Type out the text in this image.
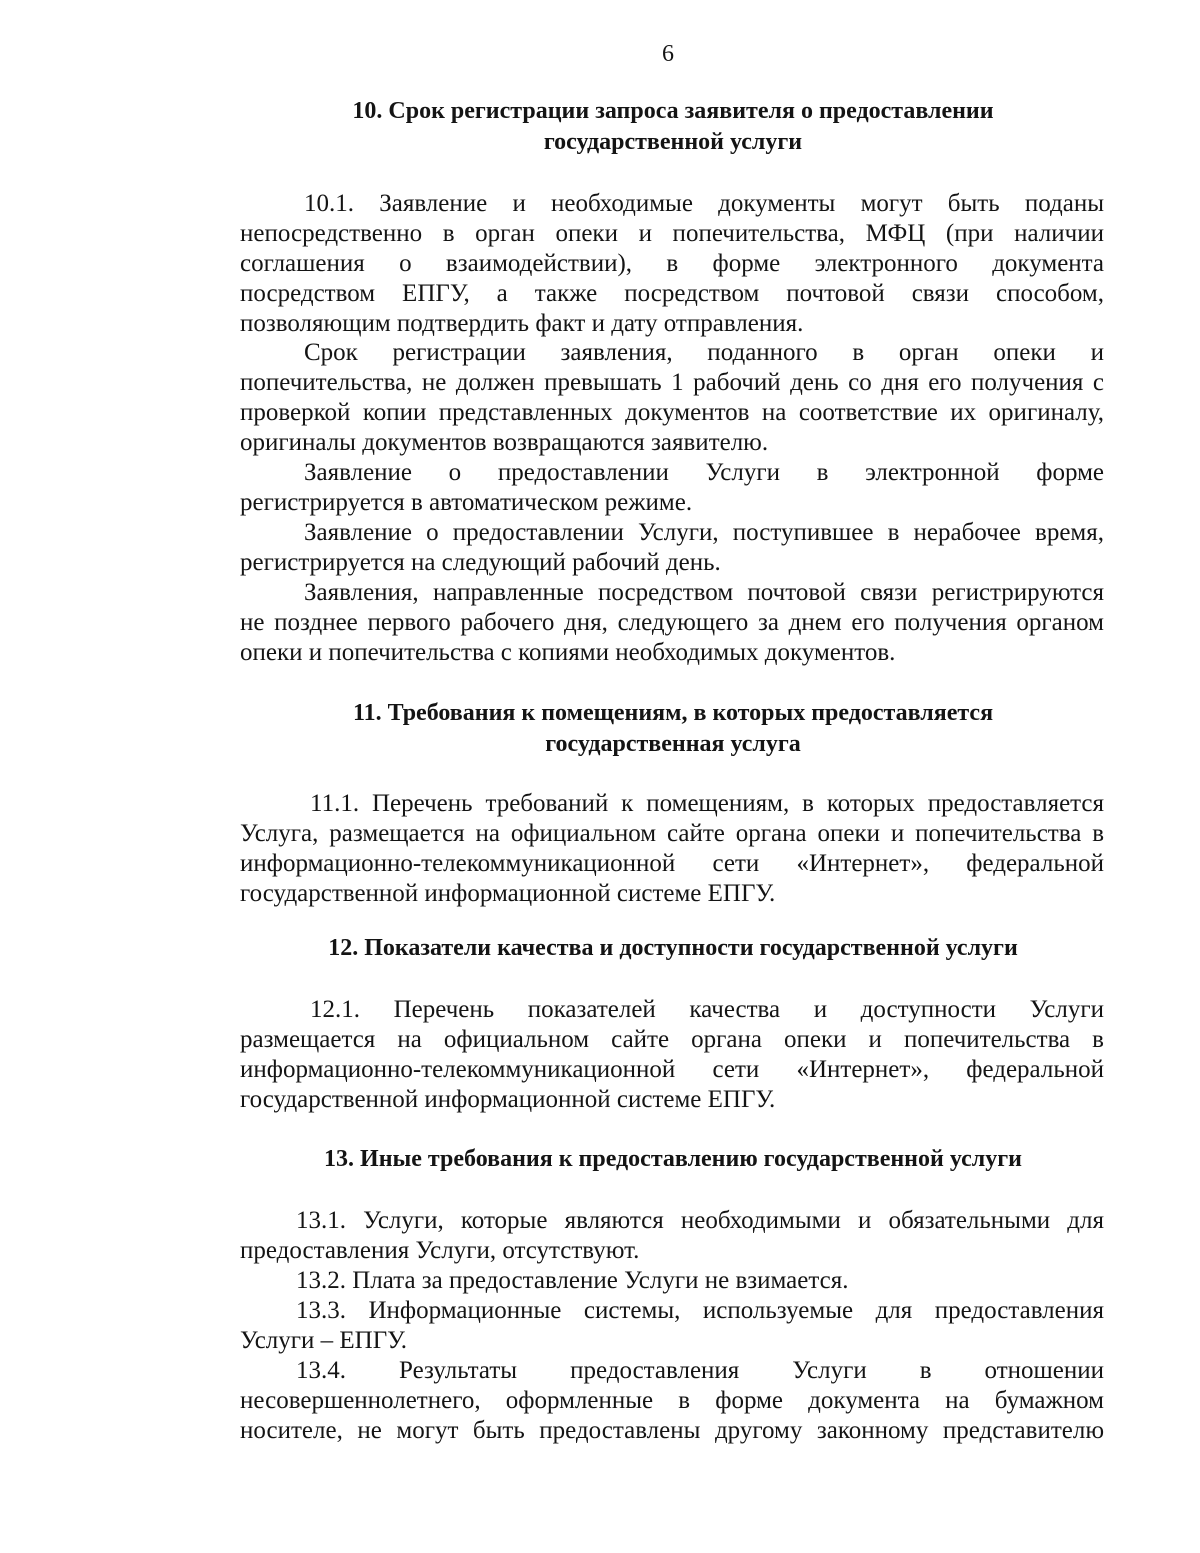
6
10. Срок регистрации запроса заявителя о предоставлении
государственной услуги
10.1. Заявление и необходимые документы могут быть поданы
непосредственно в орган опеки и попечительства, МФЦ (при наличии
соглашения о взаимодействии), в форме электронного документа
посредством ЕПГУ, а также посредством почтовой связи способом,
позволяющим подтвердить факт и дату отправления.
Срок регистрации заявления, поданного в орган опеки и
попечительства, не должен превышать 1 рабочий день со дня его получения с
проверкой копии представленных документов на соответствие их оригиналу,
оригиналы документов возвращаются заявителю.
Заявление о предоставлении Услуги в электронной форме
регистрируется в автоматическом режиме.
Заявление о предоставлении Услуги, поступившее в нерабочее время,
регистрируется на следующий рабочий день.
Заявления, направленные посредством почтовой связи регистрируются
не позднее первого рабочего дня, следующего за днем его получения органом
опеки и попечительства с копиями необходимых документов.
11. Требования к помещениям, в которых предоставляется
государственная услуга
11.1. Перечень требований к помещениям, в которых предоставляется
Услуга, размещается на официальном сайте органа опеки и попечительства в
информационно-телекоммуникационной сети «Интернет», федеральной
государственной информационной системе ЕПГУ.
12. Показатели качества и доступности государственной услуги
12.1. Перечень показателей качества и доступности Услуги
размещается на официальном сайте органа опеки и попечительства в
информационно-телекоммуникационной сети «Интернет», федеральной
государственной информационной системе ЕПГУ.
13. Иные требования к предоставлению государственной услуги
13.1. Услуги, которые являются необходимыми и обязательными для
предоставления Услуги, отсутствуют.
13.2. Плата за предоставление Услуги не взимается.
13.3. Информационные системы, используемые для предоставления
Услуги – ЕПГУ.
13.4. Результаты предоставления Услуги в отношении
несовершеннолетнего, оформленные в форме документа на бумажном
носителе, не могут быть предоставлены другому законному представителю
